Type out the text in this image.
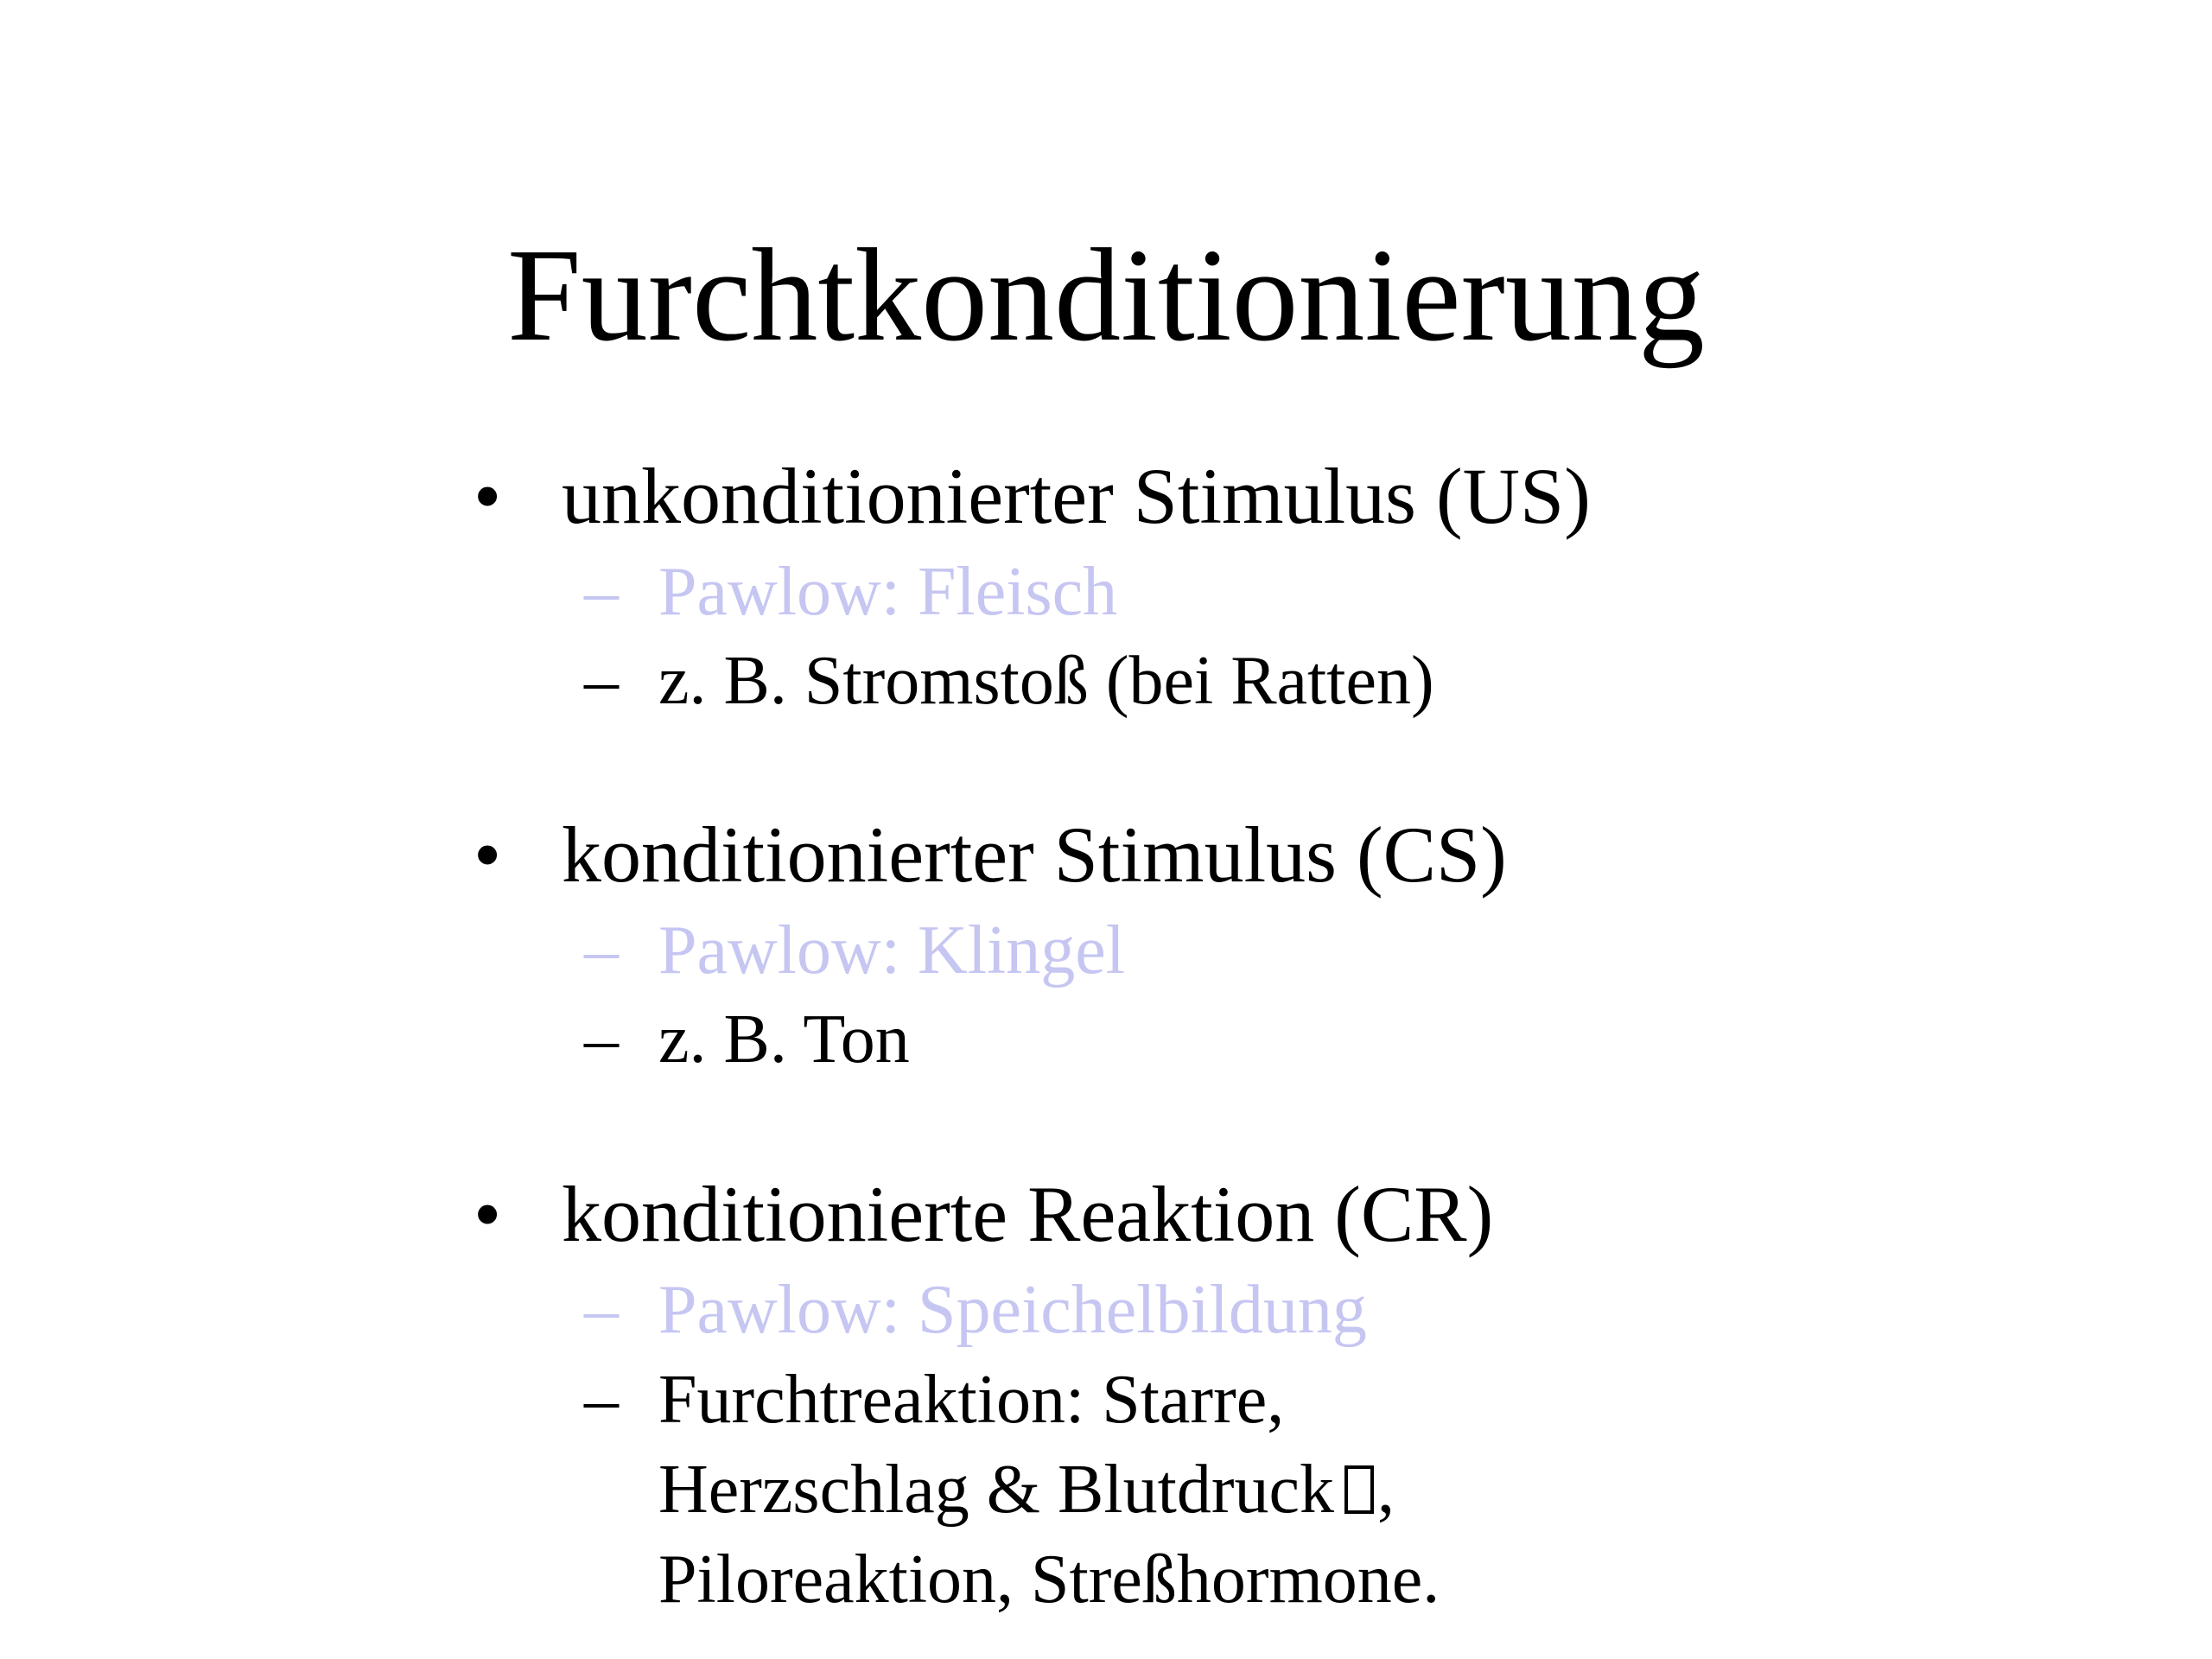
Furchtkonditionierung
• unkonditionierter Stimulus (US)
– Pawlow: Fleisch
– z. B. Stromstoß (bei Ratten)
• konditionierter Stimulus (CS)
– Pawlow: Klingel
– z. B. Ton
• konditionierte Reaktion (CR)
– Pawlow: Speichelbildung
– Furchtreaktion: Starre,
Herzschlag & Blutdruck ,
Piloreaktion, Streßhormone.
